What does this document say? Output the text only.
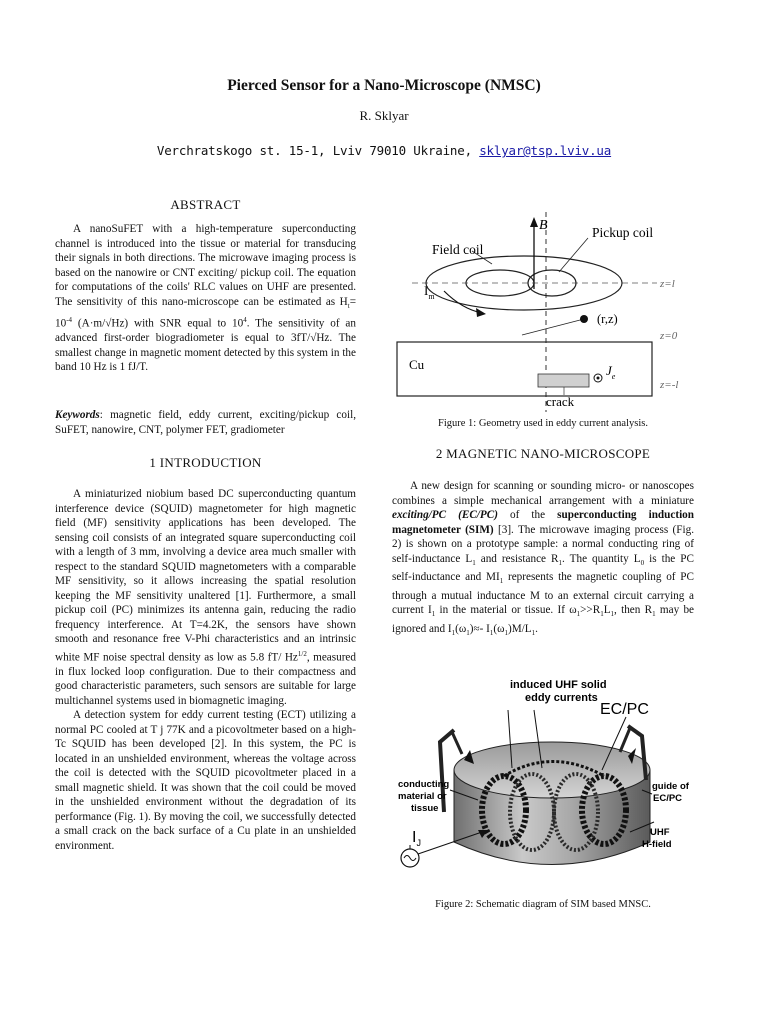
Pierced Sensor for a Nano-Microscope (NMSC)
R. Sklyar
Verchratskogo st. 15-1, Lviv 79010 Ukraine, sklyar@tsp.lviv.ua
ABSTRACT

A nanoSuFET with a high-temperature superconducting channel is introduced into the tissue or material for transducing their signals in both directions. The microwave imaging process is based on the nanowire or CNT exciting/ pickup coil. The equation for computations of the coils' RLC values on UHF are presented. The sensitivity of this nano-microscope can be estimated as $H_t= 10^{-4}$ (A·m/√Hz) with SNR equal to $10^4$. The sensitivity of an advanced first-order biogradiometer is equal to 3fT/√Hz. The smallest change in magnetic moment detected by this system in the band 10 Hz is 1 fJ/T.

Keywords: magnetic field, eddy current, exciting/pickup coil, SuFET, nanowire, CNT, polymer FET, gradiometer

1 INTRODUCTION

A miniaturized niobium based DC superconducting quantum interference device (SQUID) magnetometer for high magnetic field (MF) sensitivity applications has been developed. The sensing coil consists of an integrated square superconducting coil with a length of 3 mm, involving a device area much smaller with respect to the standard SQUID magnetometers with a comparable MF sensitivity, so it allows increasing the spatial resolution keeping the MF sensitivity unaltered [1]. Furthermore, a small pickup coil (PC) minimizes its antenna gain, reducing the radio frequency interference. At T=4.2K, the sensors have shown smooth and resonance free V-Phi characteristics and an intrinsic white MF noise spectral density as low as 5.8 fT/ $Hz^{1/2}$, measured in flux locked loop configuration. Due to their compactness and good characteristic parameters, such sensors are suitable for large multichannel systems used in biomagnetic imaging.

A detection system for eddy current testing (ECT) utilizing a normal PC cooled at T j 77K and a picovoltmeter based on a high-Tc SQUID has been developed [2]. In this system, the PC is located in an unshielded environment, whereas the voltage across the coil is detected with the SQUID picovoltmeter placed in a small magnetic shield. It was shown that the coil could be moved in the unshielded environment without the degradation of its performance (Fig. 1). By moving the coil, we successfully detected a small crack on the back surface of a Cu plate in an unshielded environment.

B	Pickup coil
Field coil
$I_m$
(r,z)
z=l
z=0
z=-l
Cu	$J_e$
crack
Figure 1: Geometry used in eddy current analysis.
2 MAGNETIC NANO-MICROSCOPE

A new design for scanning or sounding micro- or nanoscopes combines a simple mechanical arrangement with a miniature exciting/PC (EC/PC) of the superconducting induction magnetometer (SIM) [3]. The microwave imaging process (Fig. 2) is shown on a prototype sample: a normal conducting ring of self-inductance $L_1$ and resistance $R_1$. The quantity $L_0$ is the PC self-inductance and $MI_1$ represents the magnetic coupling of PC through a mutual inductance M to an external circuit carrying a current $I_1$ in the material or tissue. If $\omega_1>>R_1L_1$, then $R_1$ may be ignored and $I_1(\omega_1)\approx-$ $I_1(\omega_1)M/L_1$.

induced UHF solid
eddy currents
EC/PC
conducting
material or
tissue
guide of
EC/PC
UHF
H-field
$I_J$
Figure 2: Schematic diagram of SIM based MNSC.
